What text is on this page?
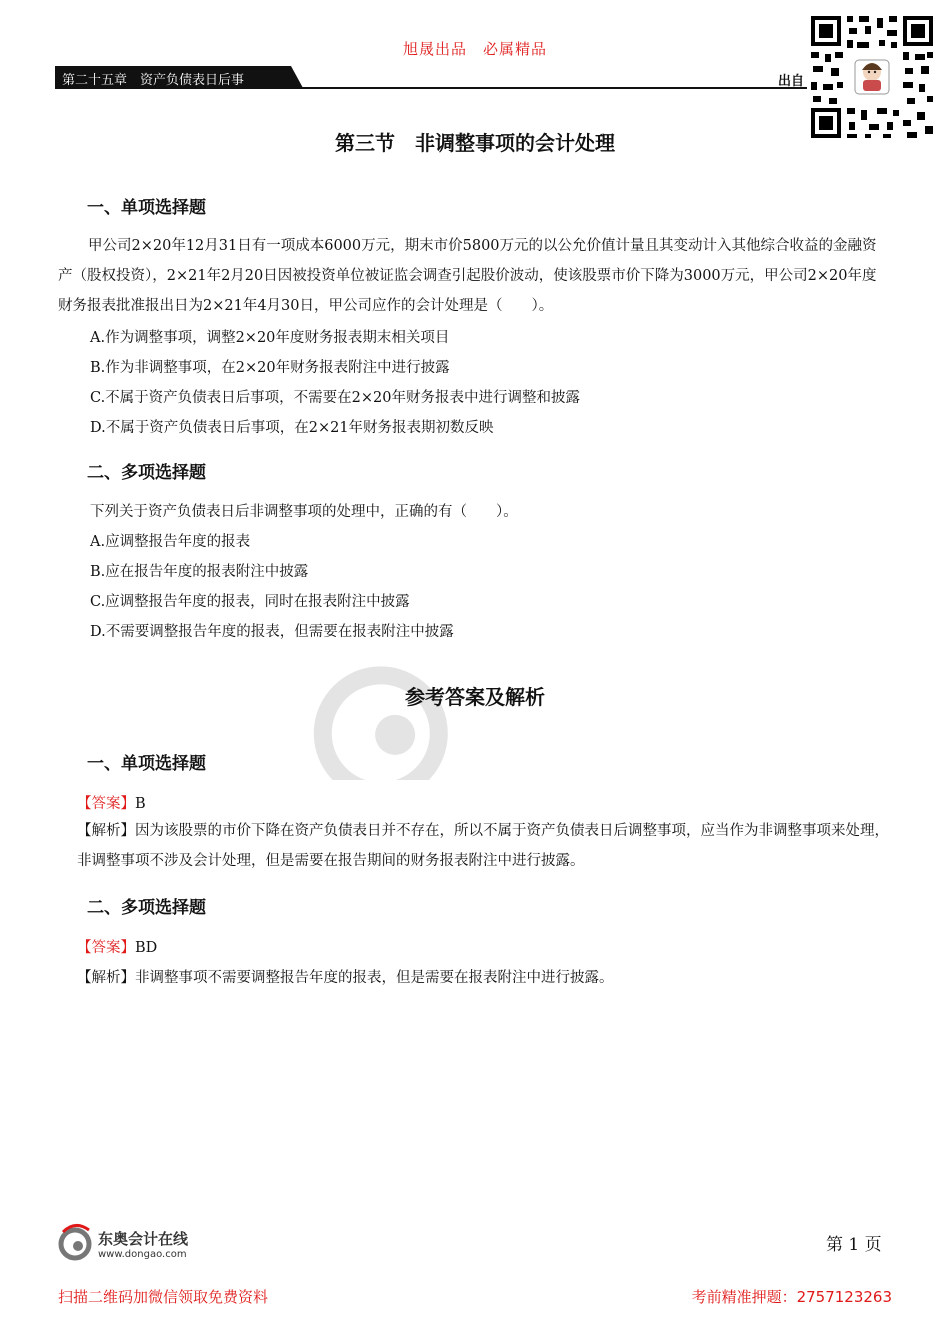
旭晟出品　必属精品
第二十五章　资产负债表日后事	出自
第三节　非调整事项的会计处理
一、单项选择题
甲公司2×20年12月31日有一项成本6000万元，期末市价5800万元的以公允价值计量且其变动计入其他综合收益的金融资产（股权投资），2×21年2月20日因被投资单位被证监会调查引起股价波动，使该股票市价下降为3000万元，甲公司2×20年度财务报表批准报出日为2×21年4月30日，甲公司应作的会计处理是（　　）。
A.作为调整事项，调整2×20年度财务报表期末相关项目
B.作为非调整事项，在2×20年财务报表附注中进行披露
C.不属于资产负债表日后事项，不需要在2×20年财务报表中进行调整和披露
D.不属于资产负债表日后事项，在2×21年财务报表期初数反映
二、多项选择题
下列关于资产负债表日后非调整事项的处理中，正确的有（　　）。
A.应调整报告年度的报表
B.应在报告年度的报表附注中披露
C.应调整报告年度的报表，同时在报表附注中披露
D.不需要调整报告年度的报表，但需要在报表附注中披露
参考答案及解析
一、单项选择题
【答案】B
【解析】因为该股票的市价下降在资产负债表日并不存在，所以不属于资产负债表日后调整事项，应当作为非调整事项来处理，非调整事项不涉及会计处理，但是需要在报告期间的财务报表附注中进行披露。
二、多项选择题
【答案】BD
【解析】非调整事项不需要调整报告年度的报表，但是需要在报表附注中进行披露。
东奥会计在线
www.dongao.com	第 1 页
扫描二维码加微信领取免费资料	考前精准押题：2757123263
